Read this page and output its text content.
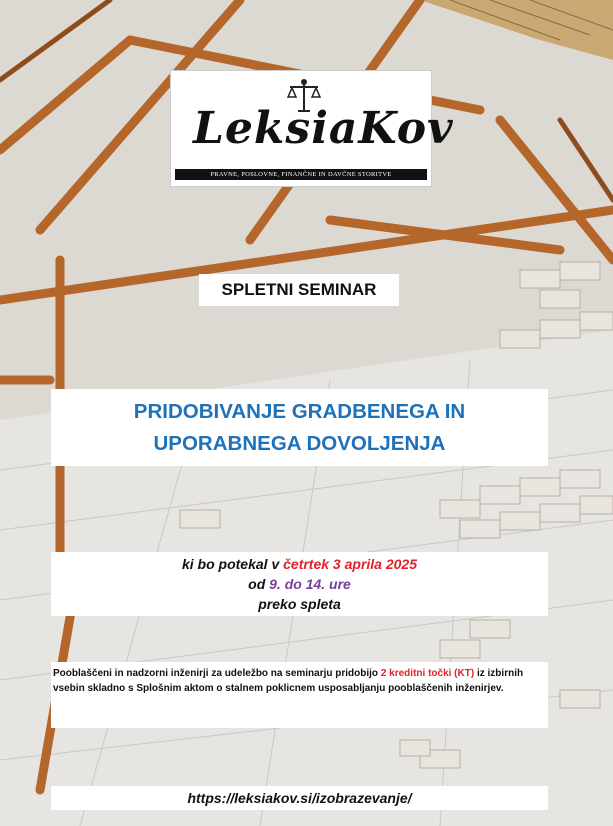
LeksiaKov
PRAVNE, POSLOVNE, FINANČNE IN DAVČNE STORITVE
SPLETNI SEMINAR
PRIDOBIVANJE GRADBENEGA IN
UPORABNEGA DOVOLJENJA
ki bo potekal v četrtek 3 aprila 2025
od 9. do 14. ure
preko spleta
Pooblaščeni in nadzorni inženirji za udeležbo na seminarju pridobijo 2 kreditni točki (KT) iz izbirnih vsebin skladno s Splošnim aktom o stalnem poklicnem usposabljanju pooblaščenih inženirjev.
https://leksiakov.si/izobrazevanje/
